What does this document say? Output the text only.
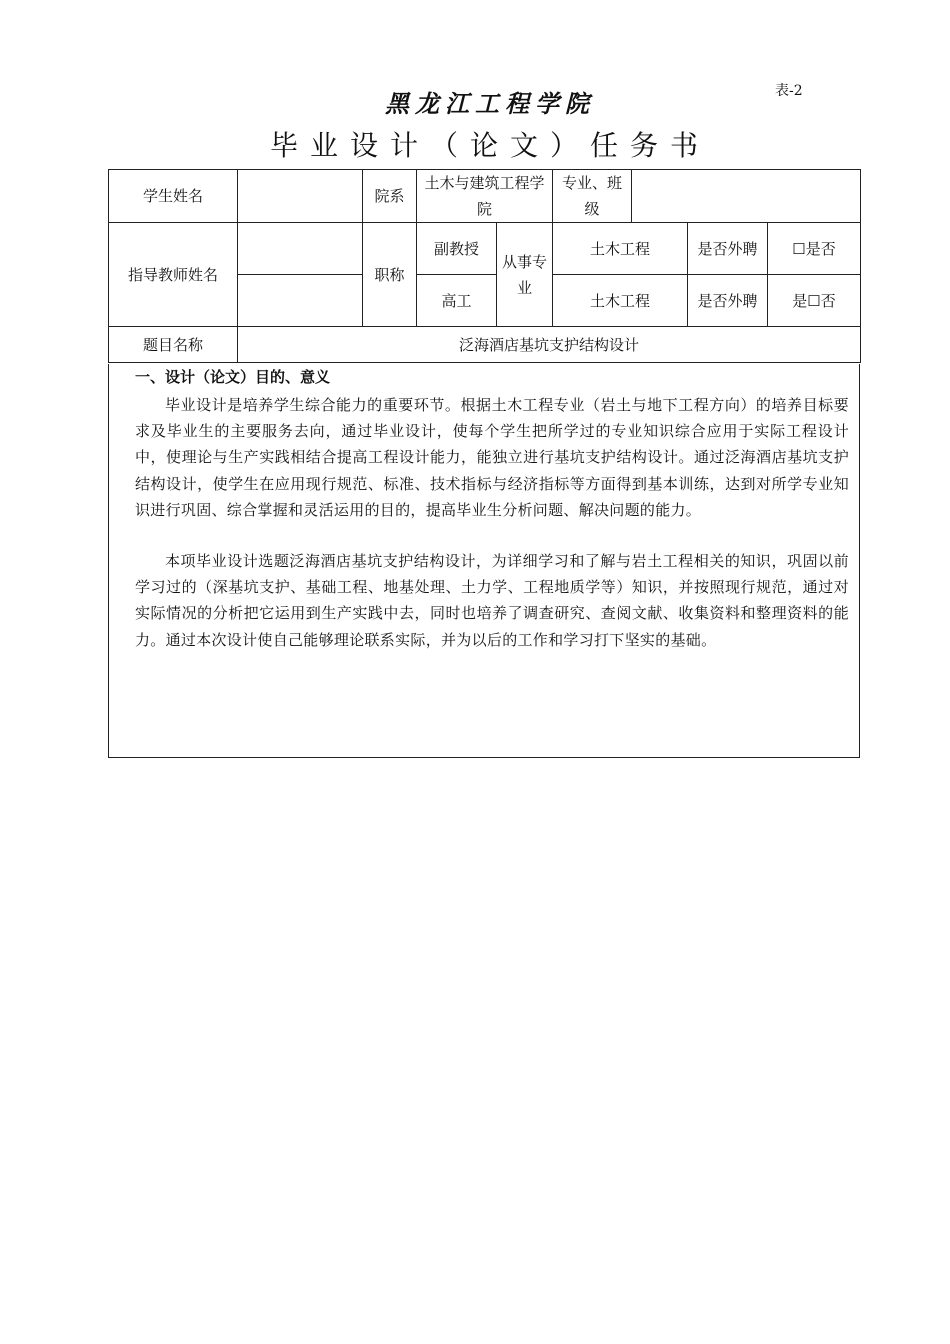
表-2
黑龙江工程学院
毕业设计（论文）任务书
学生姓名		院系	土木与建筑工程学院		专业、班级			
指导教师姓名		职称	副教授	从事专业	土木工程		是否外聘	☐是否
			高工		土木工程		是否外聘	是☐否
题目名称	泛海酒店基坑支护结构设计							
一、设计（论文）目的、意义
毕业设计是培养学生综合能力的重要环节。根据土木工程专业（岩土与地下工程方向）的培养目标要求及毕业生的主要服务去向，通过毕业设计，使每个学生把所学过的专业知识综合应用于实际工程设计中，使理论与生产实践相结合提高工程设计能力，能独立进行基坑支护结构设计。通过泛海酒店基坑支护结构设计，使学生在应用现行规范、标准、技术指标与经济指标等方面得到基本训练，达到对所学专业知识进行巩固、综合掌握和灵活运用的目的，提高毕业生分析问题、解决问题的能力。
本项毕业设计选题泛海酒店基坑支护结构设计，为详细学习和了解与岩土工程相关的知识，巩固以前学习过的（深基坑支护、基础工程、地基处理、土力学、工程地质学等）知识，并按照现行规范，通过对实际情况的分析把它运用到生产实践中去，同时也培养了调查研究、查阅文献、收集资料和整理资料的能力。通过本次设计使自己能够理论联系实际，并为以后的工作和学习打下坚实的基础。
